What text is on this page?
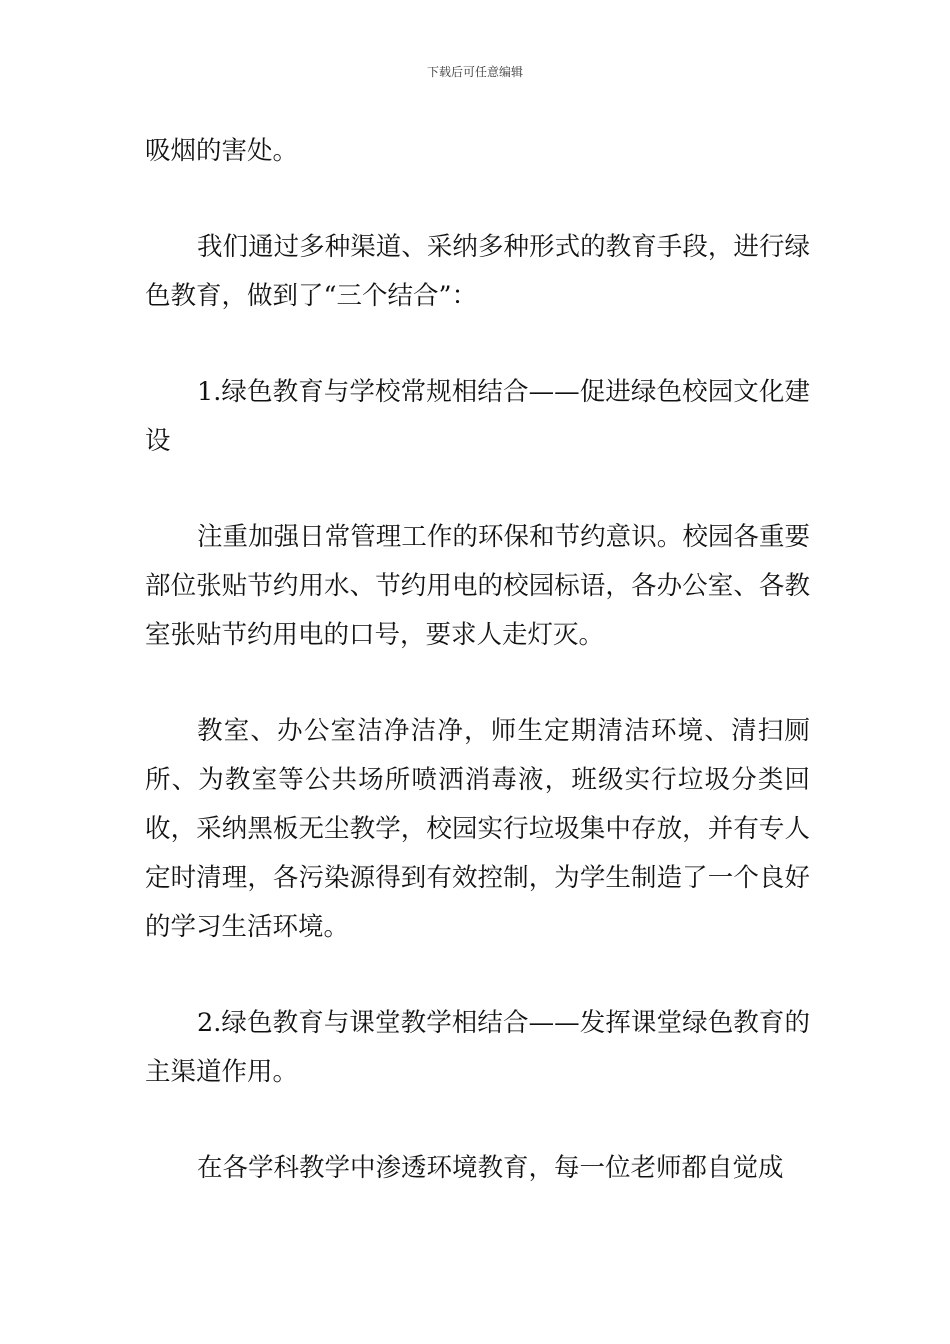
下载后可任意编辑

吸烟的害处。

我们通过多种渠道、采纳多种形式的教育手段，进行绿色教育，做到了“三个结合”：

1.绿色教育与学校常规相结合——促进绿色校园文化建设

注重加强日常管理工作的环保和节约意识。校园各重要部位张贴节约用水、节约用电的校园标语，各办公室、各教室张贴节约用电的口号，要求人走灯灭。

教室、办公室洁净洁净，师生定期清洁环境、清扫厕所、为教室等公共场所喷洒消毒液，班级实行垃圾分类回收，采纳黑板无尘教学，校园实行垃圾集中存放，并有专人定时清理，各污染源得到有效控制，为学生制造了一个良好的学习生活环境。

2.绿色教育与课堂教学相结合——发挥课堂绿色教育的主渠道作用。

在各学科教学中渗透环境教育，每一位老师都自觉成
